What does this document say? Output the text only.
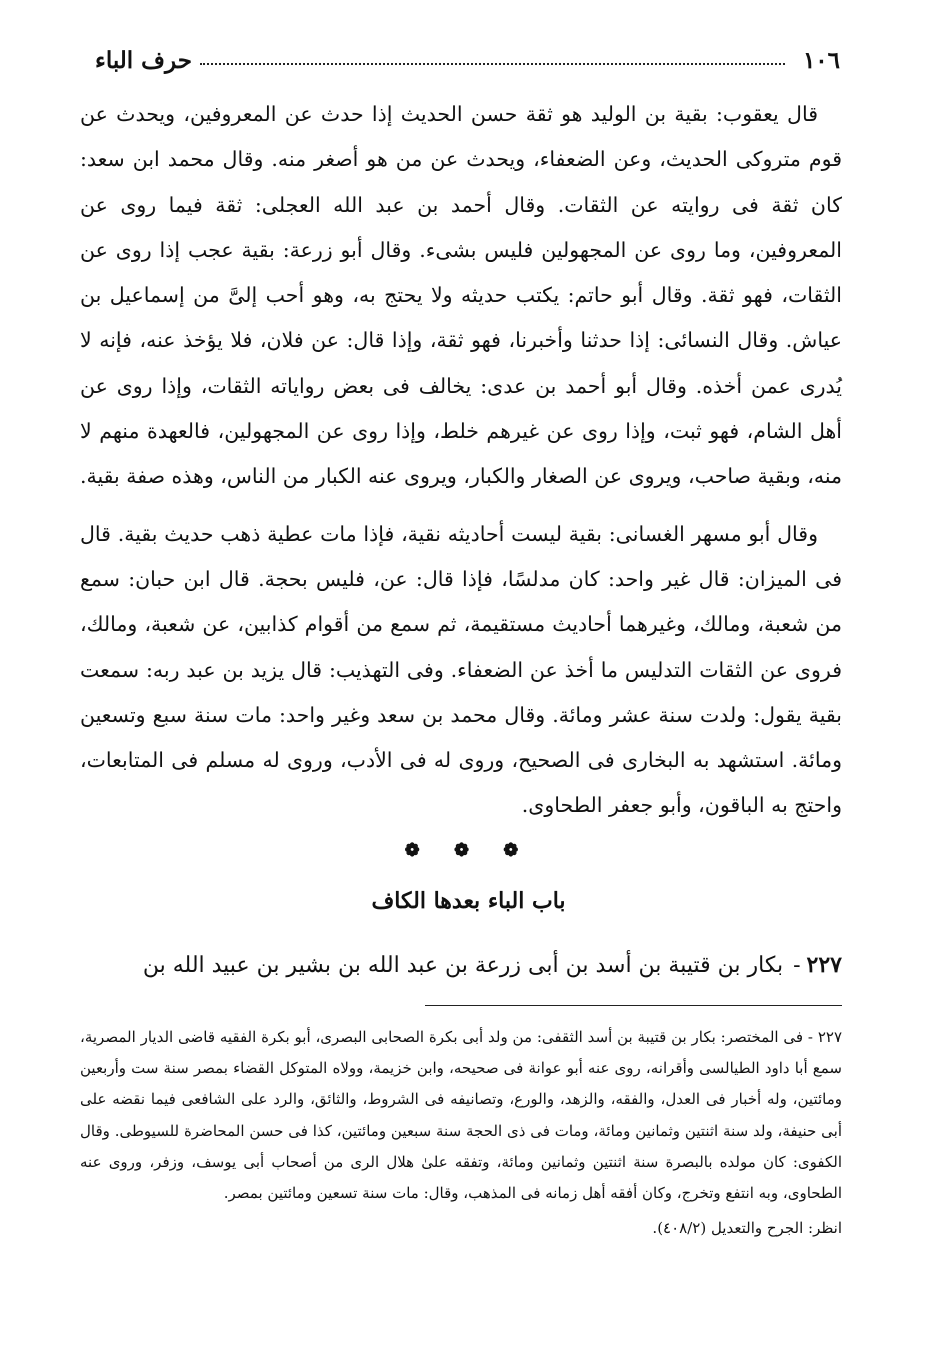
١٠٦
حرف الباء

قال يعقوب: بقية بن الوليد هو ثقة حسن الحديث إذا حدث عن المعروفين، ويحدث عن قوم متروكى الحديث، وعن الضعفاء، ويحدث عن من هو أصغر منه. وقال محمد ابن سعد: كان ثقة فى روايته عن الثقات. وقال أحمد بن عبد الله العجلى: ثقة فيما روى عن المعروفين، وما روى عن المجهولين فليس بشىء. وقال أبو زرعة: بقية عجب إذا روى عن الثقات، فهو ثقة. وقال أبو حاتم: يكتب حديثه ولا يحتج به، وهو أحب إلىَّ من إسماعيل بن عياش. وقال النسائى: إذا حدثنا وأخبرنا، فهو ثقة، وإذا قال: عن فلان، فلا يؤخذ عنه، فإنه لا يُدرى عمن أخذه. وقال أبو أحمد بن عدى: يخالف فى بعض رواياته الثقات، وإذا روى عن أهل الشام، فهو ثبت، وإذا روى عن غيرهم خلط، وإذا روى عن المجهولين، فالعهدة منهم لا منه، وبقية صاحب، ويروى عن الصغار والكبار، ويروى عنه الكبار من الناس، وهذه صفة بقية.

وقال أبو مسهر الغسانى: بقية ليست أحاديثه نقية، فإذا مات عطية ذهب حديث بقية. قال فى الميزان: قال غير واحد: كان مدلسًا، فإذا قال: عن، فليس بحجة. قال ابن حبان: سمع من شعبة، ومالك، وغيرهما أحاديث مستقيمة، ثم سمع من أقوام كذابين، عن شعبة، ومالك، فروى عن الثقات التدليس ما أخذ عن الضعفاء. وفى التهذيب: قال يزيد بن عبد ربه: سمعت بقية يقول: ولدت سنة عشر ومائة. وقال محمد بن سعد وغير واحد: مات سنة سبع وتسعين ومائة. استشهد به البخارى فى الصحيح، وروى له فى الأدب، وروى له مسلم فى المتابعات، واحتج به الباقون، وأبو جعفر الطحاوى.

❁ ❁ ❁
باب الباء بعدها الكاف
٢٢٧
-
بكار بن قتيبة بن أسد بن أبى زرعة بن عبد الله بن بشير بن عبيد الله بن

٢٢٧ - فى المختصر: بكار بن قتيبة بن أسد الثقفى: من ولد أبى بكرة الصحابى البصرى، أبو بكرة الفقيه قاضى الديار المصرية، سمع أبا داود الطيالسى وأقرانه، روى عنه أبو عوانة فى صحيحه، وابن خزيمة، وولاه المتوكل القضاء بمصر سنة ست وأربعين ومائتين، وله أخبار فى العدل، والفقه، والزهد، والورع، وتصانيفه فى الشروط، والثائق، والرد على الشافعى فيما نقضه على أبى حنيفة، ولد سنة اثنتين وثمانين ومائة، ومات فى ذى الحجة سنة سبعين ومائتين، كذا فى حسن المحاضرة للسيوطى. وقال الكفوى: كان مولده بالبصرة سنة اثنتين وثمانين ومائة، وتفقه علىٰ هلال الرى من أصحاب أبى يوسف، وزفر، وروى عنه الطحاوى، وبه انتفع وتخرج، وكان أفقه أهل زمانه فى المذهب، وقال: مات سنة تسعين ومائتين بمصر.

انظر: الجرح والتعديل (٤٠٨/٢).
